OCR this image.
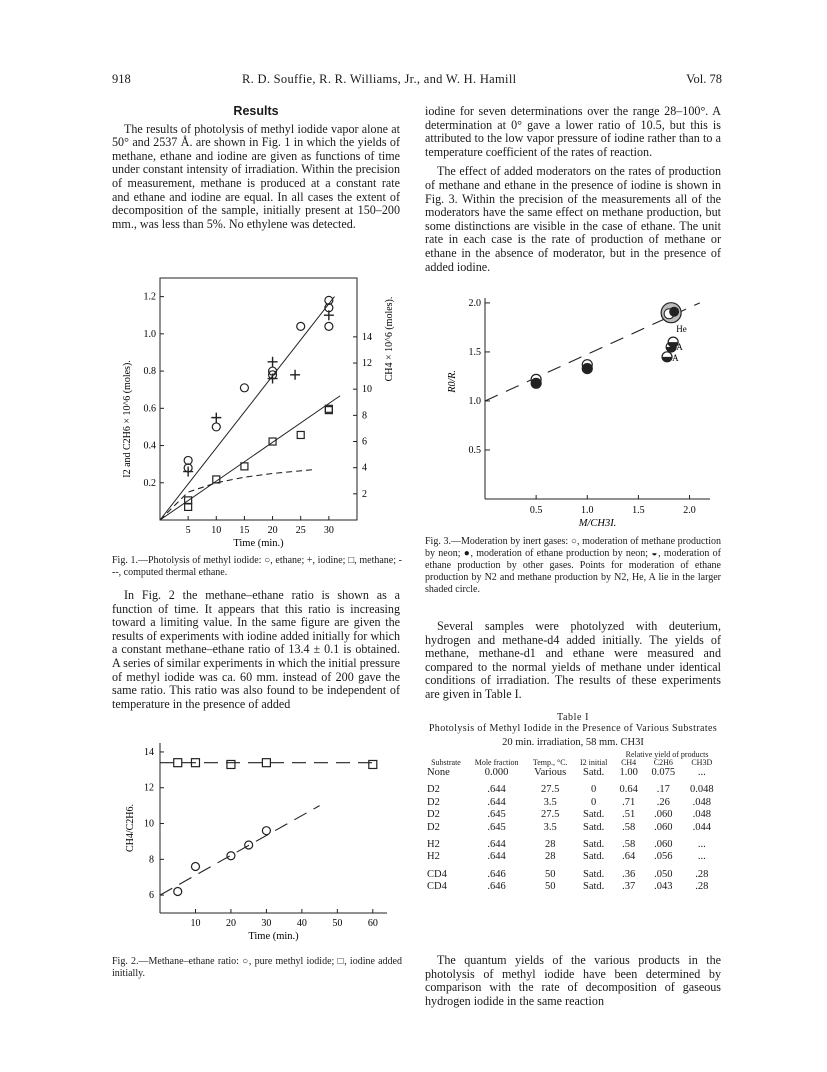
918	R. D. Souffie, R. R. Williams, Jr., and W. H. Hamill	Vol. 78
Results

The results of photolysis of methyl iodide vapor alone at 50° and 2537 Å. are shown in Fig. 1 in which the yields of methane, ethane and iodine are given as functions of time under constant intensity of irradiation. Within the precision of measurement, methane is produced at a constant rate and ethane and iodine are equal. In all cases the extent of decomposition of the sample, initially present at 150–200 mm., was less than 5%. No ethylene was detected.

5 10 15 20 25 30
0.2
0.4
0.6
0.8
1.0
1.2
2
4
6
8
10
12
14
Time (min.)
I2 and C2H6 × 10^6 (moles).
CH4 × 10^6 (moles).
Fig. 1.—Photolysis of methyl iodide: ○, ethane; +, iodine; □, methane; ---, computed thermal ethane.

In Fig. 2 the methane–ethane ratio is shown as a function of time. It appears that this ratio is increasing toward a limiting value. In the same figure are given the results of experiments with iodine added initially for which a constant methane–ethane ratio of 13.4 ± 0.1 is obtained. A series of similar experiments in which the initial pressure of methyl iodide was ca. 60 mm. instead of 200 gave the same ratio. This ratio was also found to be independent of temperature in the presence of added

10	20	30	40	50	60
6
8
10
12
14
Time (min.)
CH4/C2H6.
Fig. 2.—Methane–ethane ratio: ○, pure methyl iodide; □, iodine added initially.

iodine for seven determinations over the range 28–100°. A determination at 0° gave a lower ratio of 10.5, but this is attributed to the low vapor pressure of iodine rather than to a temperature coefficient of the rates of reaction.

The effect of added moderators on the rates of production of methane and ethane in the presence of iodine is shown in Fig. 3. Within the precision of the measurements all of the moderators have the same effect on methane production, but some distinctions are visible in the case of ethane. The unit rate in each case is the rate of production of methane or ethane in the absence of moderator, but in the presence of added iodine.

0.5	1.0	1.5	2.0
0.5
1.0
1.5
2.0
M/CH3I.
R0/R.
He
A
A
Fig. 3.—Moderation by inert gases: ○, moderation of methane production by neon; ●, moderation of ethane production by neon; ◒, moderation of ethane production by other gases. Points for moderation of ethane production by N2 and methane production by N2, He, A lie in the larger shaded circle.

Several samples were photolyzed with deuterium, hydrogen and methane-d4 added initially. The yields of methane, methane-d1 and ethane were measured and compared to the normal yields of methane under identical conditions of irradiation. The results of these experiments are given in Table I.

Table I
Photolysis of Methyl Iodide in the Presence of Various Substrates
20 min. irradiation, 58 mm. CH3I
				Relative yield of products		
Substrate	Mole fraction	Temp., °C.	I2 initial	CH4	C2H6	CH3D
None	0.000	Various	Satd.	1.00	0.075	...
D2	.644	27.5	0	0.64	.17	0.048
D2	.644	3.5	0	.71	.26	.048
D2	.645	27.5	Satd.	.51	.060	.048
D2	.645	3.5	Satd.	.58	.060	.044
H2	.644	28	Satd.	.58	.060	...
H2	.644	28	Satd.	.64	.056	...
CD4	.646	50	Satd.	.36	.050	.28
CD4	.646	50	Satd.	.37	.043	.28

The quantum yields of the various products in the photolysis of methyl iodide have been determined by comparison with the rate of decomposition of gaseous hydrogen iodide in the same reaction
